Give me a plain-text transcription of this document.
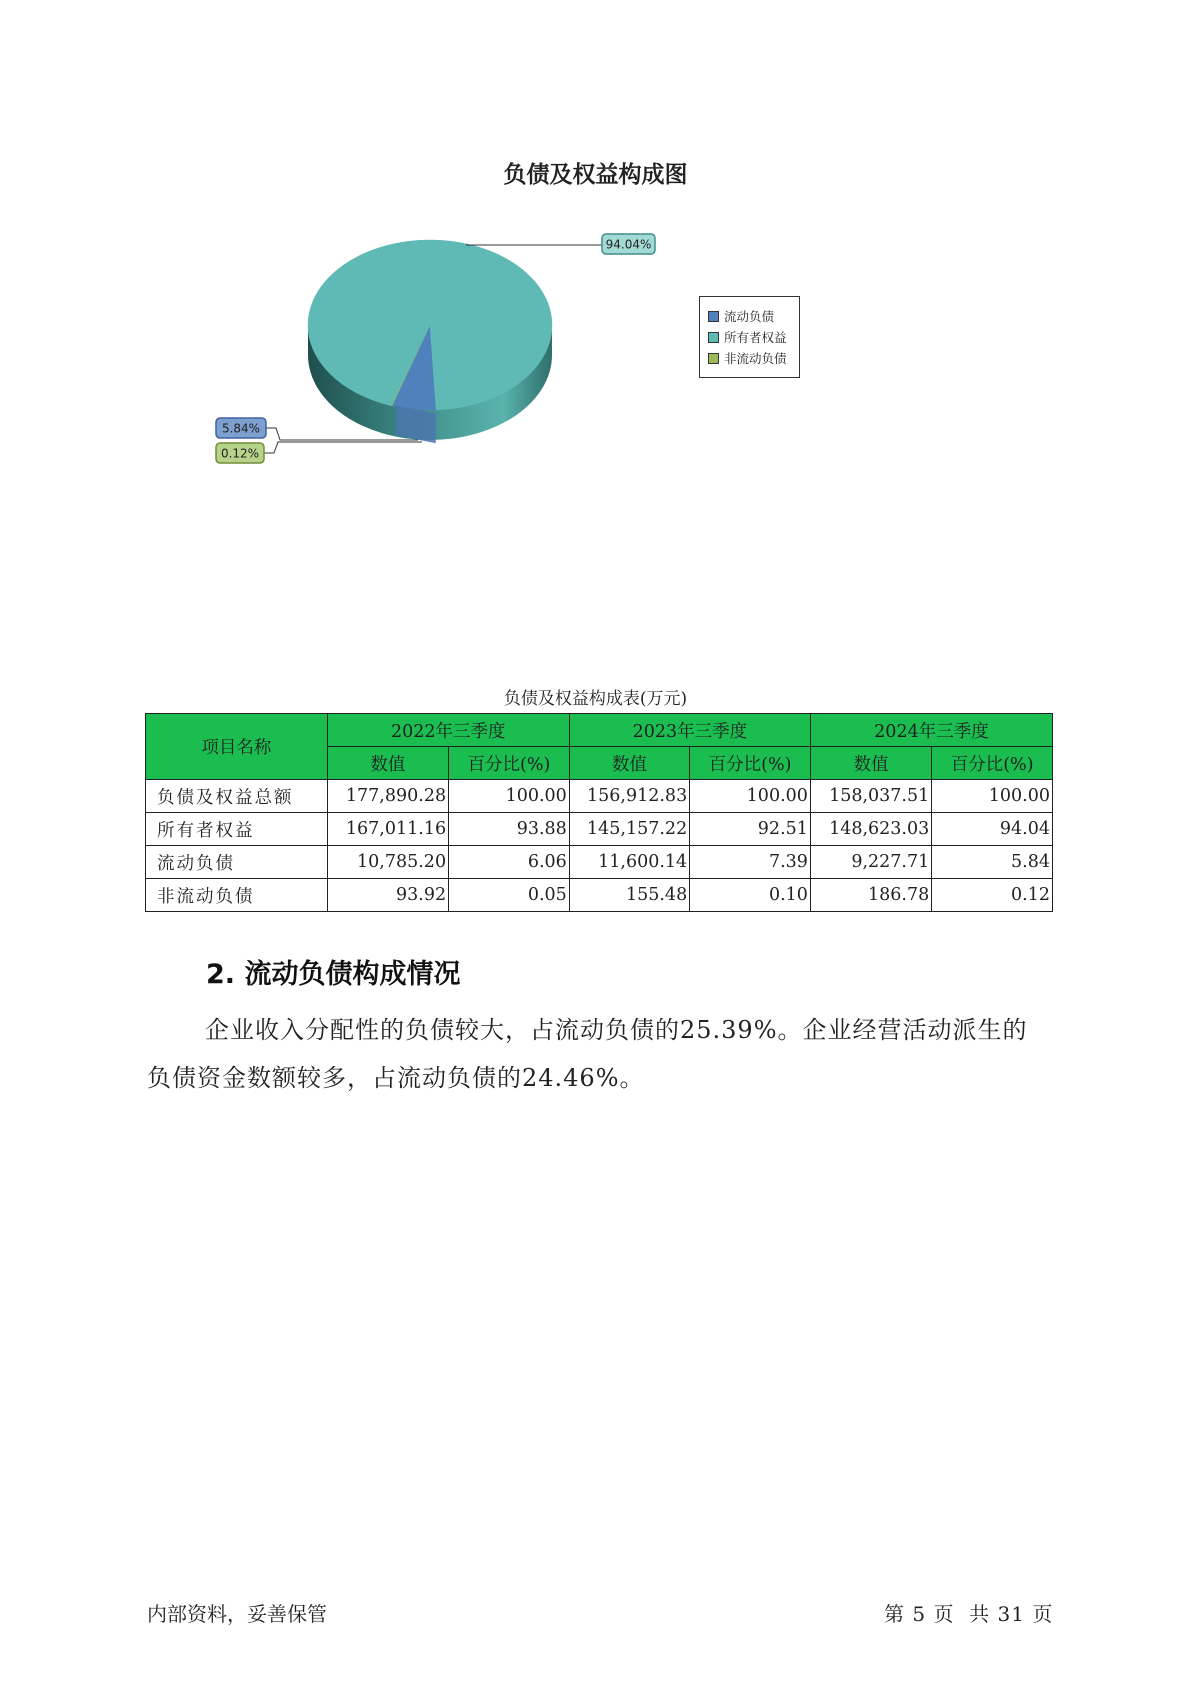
负债及权益构成图
94.04%
5.84%
0.12%
流动负债
所有者权益
非流动负债
负债及权益构成表(万元)
项目名称	2022年三季度		2023年三季度		2024年三季度	
	数值	百分比(%)	数值	百分比(%)	数值	百分比(%)
负债及权益总额	177,890.28	100.00	156,912.83	100.00	158,037.51	100.00
所有者权益	167,011.16	93.88	145,157.22	92.51	148,623.03	94.04
流动负债	10,785.20	6.06	11,600.14	7.39	9,227.71	5.84
非流动负债	93.92	0.05	155.48	0.10	186.78	0.12
2. 流动负债构成情况
企业收入分配性的负债较大，占流动负债的25.39%。企业经营活动派生的负债资金数额较多，占流动负债的24.46%。
内部资料，妥善保管	第 5 页  共 31 页
